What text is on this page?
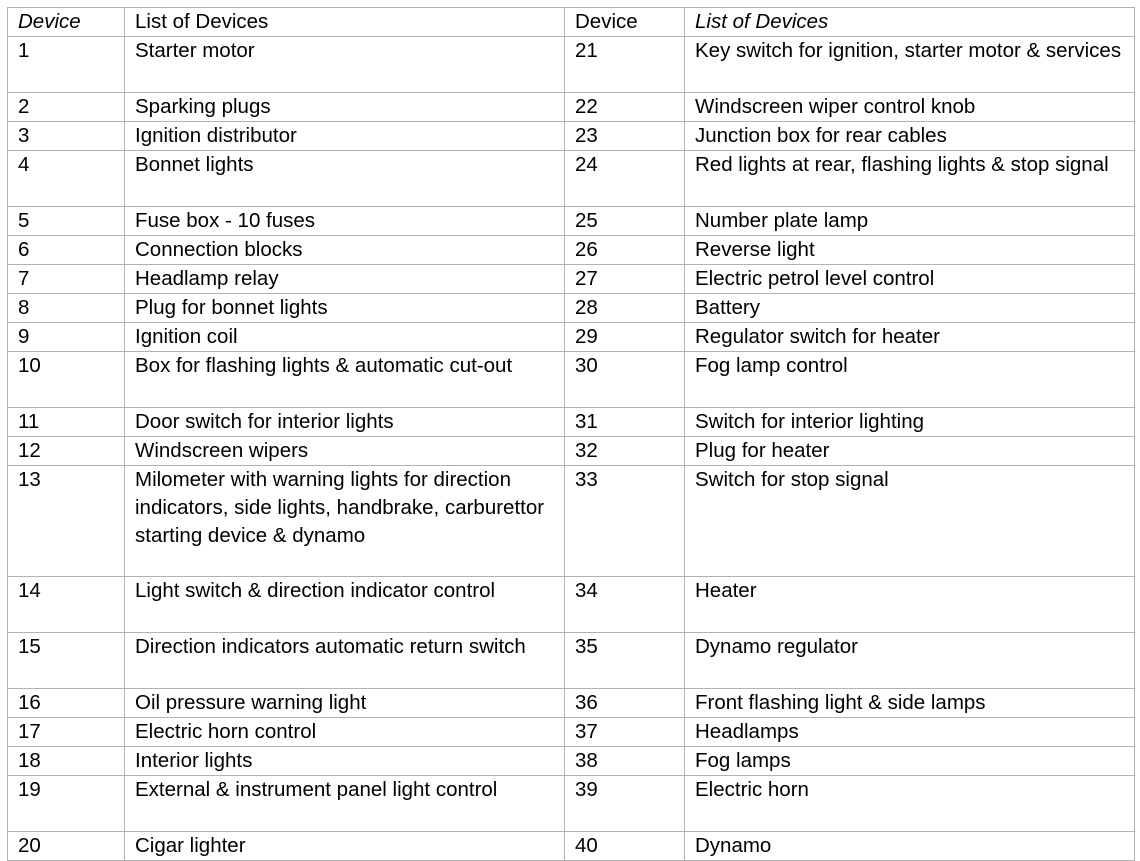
Device	List of Devices	Device	List of Devices
1	Starter motor	21	Key switch for ignition, starter motor & services
2	Sparking plugs	22	Windscreen wiper control knob
3	Ignition distributor	23	Junction box for rear cables
4	Bonnet lights	24	Red lights at rear, flashing lights & stop signal
5	Fuse box - 10 fuses	25	Number plate lamp
6	Connection blocks	26	Reverse light
7	Headlamp relay	27	Electric petrol level control
8	Plug for bonnet lights	28	Battery
9	Ignition coil	29	Regulator switch for heater
10	Box for flashing lights & automatic cut-out	30	Fog lamp control
11	Door switch for interior lights	31	Switch for interior lighting
12	Windscreen wipers	32	Plug for heater
13	Milometer with warning lights for direction indicators, side lights, handbrake, carburettor starting device & dynamo	33	Switch for stop signal
14	Light switch & direction indicator control	34	Heater
15	Direction indicators automatic return switch	35	Dynamo regulator
16	Oil pressure warning light	36	Front flashing light & side lamps
17	Electric horn control	37	Headlamps
18	Interior lights	38	Fog lamps
19	External & instrument panel light control	39	Electric horn
20	Cigar lighter	40	Dynamo
